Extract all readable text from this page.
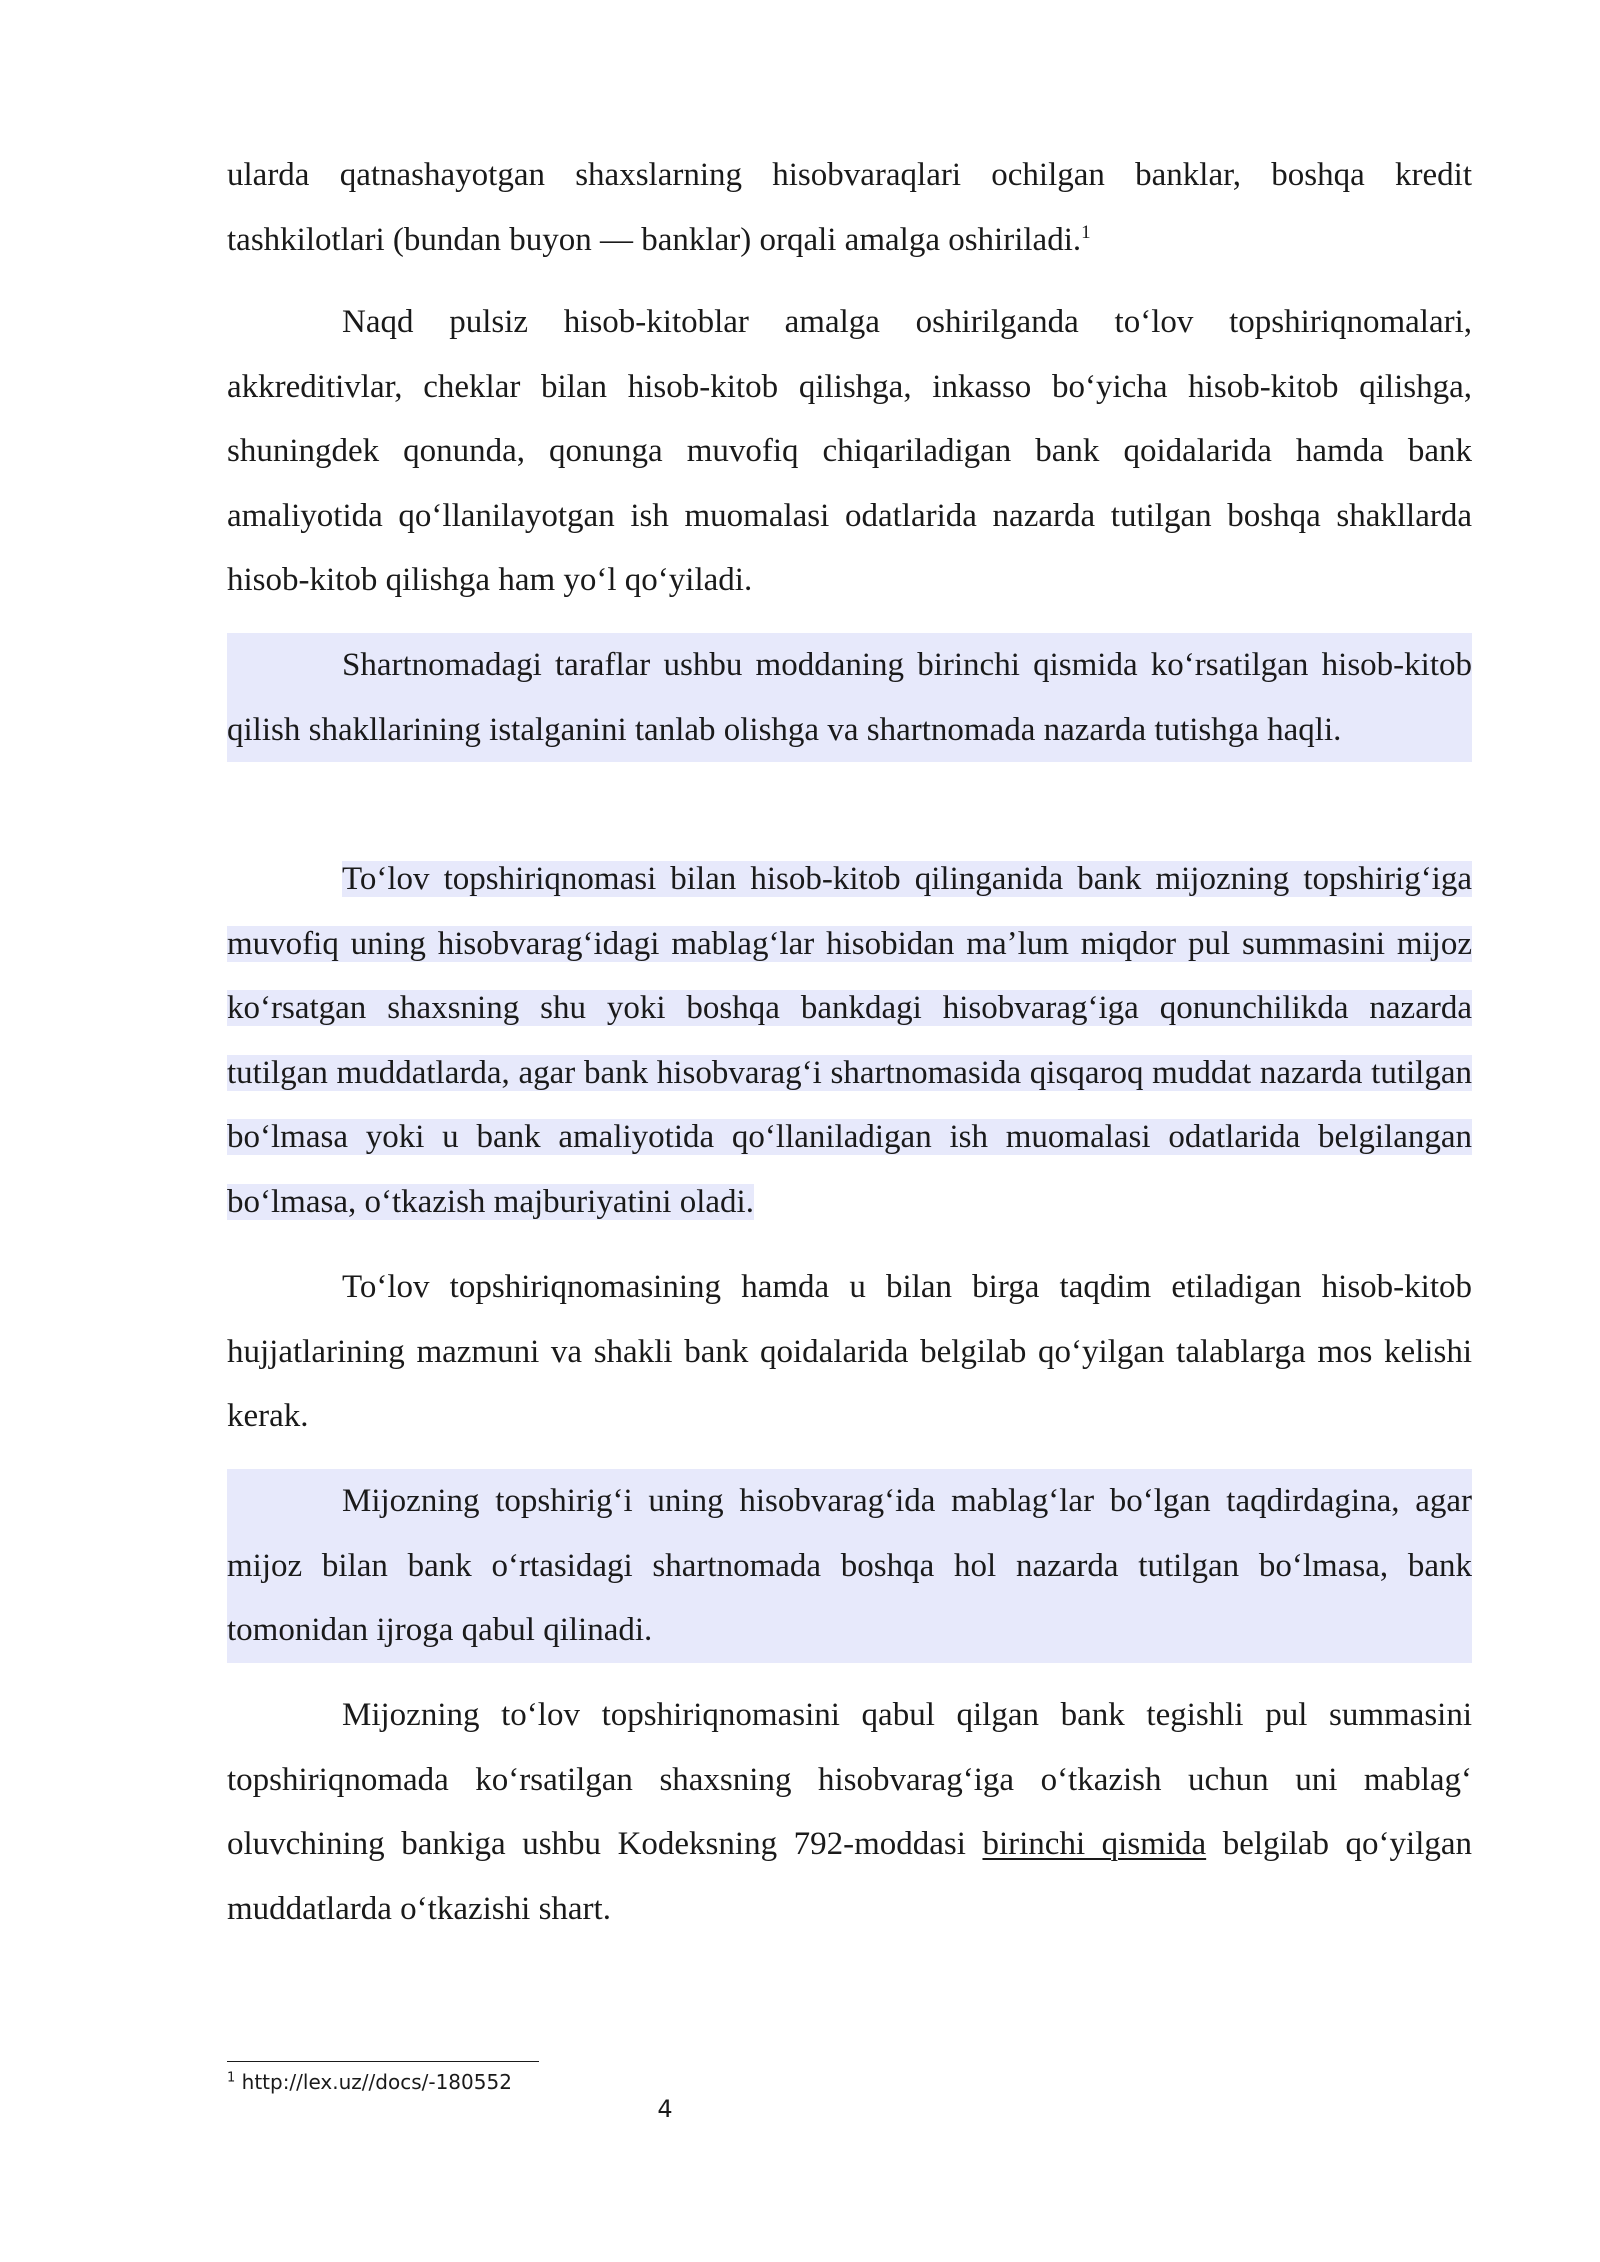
ularda qatnashayotgan shaxslarning hisobvaraqlari ochilgan banklar, boshqa kredit tashkilotlari (bundan buyon — banklar) orqali amalga oshiriladi.$^1$

Naqd pulsiz hisob-kitoblar amalga oshirilganda toʻlov topshiriqnomalari, akkreditivlar, cheklar bilan hisob-kitob qilishga, inkasso boʻyicha hisob-kitob qilishga, shuningdek qonunda, qonunga muvofiq chiqariladigan bank qoidalarida hamda bank amaliyotida qoʻllanilayotgan ish muomalasi odatlarida nazarda tutilgan boshqa shakllarda hisob-kitob qilishga ham yoʻl qoʻyiladi.

Shartnomadagi taraflar ushbu moddaning birinchi qismida koʻrsatilgan hisob-kitob qilish shakllarining istalganini tanlab olishga va shartnomada nazarda tutishga haqli.

Toʻlov topshiriqnomasi bilan hisob-kitob qilinganida bank mijozning topshirigʻiga muvofiq uning hisobvaragʻidagi mablagʻlar hisobidan maʼlum miqdor pul summasini mijoz koʻrsatgan shaxsning shu yoki boshqa bankdagi hisobvaragʻiga qonunchilikda nazarda tutilgan muddatlarda, agar bank hisobvaragʻi shartnomasida qisqaroq muddat nazarda tutilgan boʻlmasa yoki u bank amaliyotida qoʻllaniladigan ish muomalasi odatlarida belgilangan boʻlmasa, oʻtkazish majburiyatini oladi.

Toʻlov topshiriqnomasining hamda u bilan birga taqdim etiladigan hisob-kitob hujjatlarining mazmuni va shakli bank qoidalarida belgilab qoʻyilgan talablarga mos kelishi kerak.

Mijozning topshirigʻi uning hisobvaragʻida mablagʻlar boʻlgan taqdirdagina, agar mijoz bilan bank oʻrtasidagi shartnomada boshqa hol nazarda tutilgan boʻlmasa, bank tomonidan ijroga qabul qilinadi.

Mijozning toʻlov topshiriqnomasini qabul qilgan bank tegishli pul summasini topshiriqnomada koʻrsatilgan shaxsning hisobvaragʻiga oʻtkazish uchun uni mablagʻ oluvchining bankiga ushbu Kodeksning 792-moddasi birinchi qismida belgilab qoʻyilgan muddatlarda oʻtkazishi shart.

$^1$ http://lex.uz//docs/-180552
4
